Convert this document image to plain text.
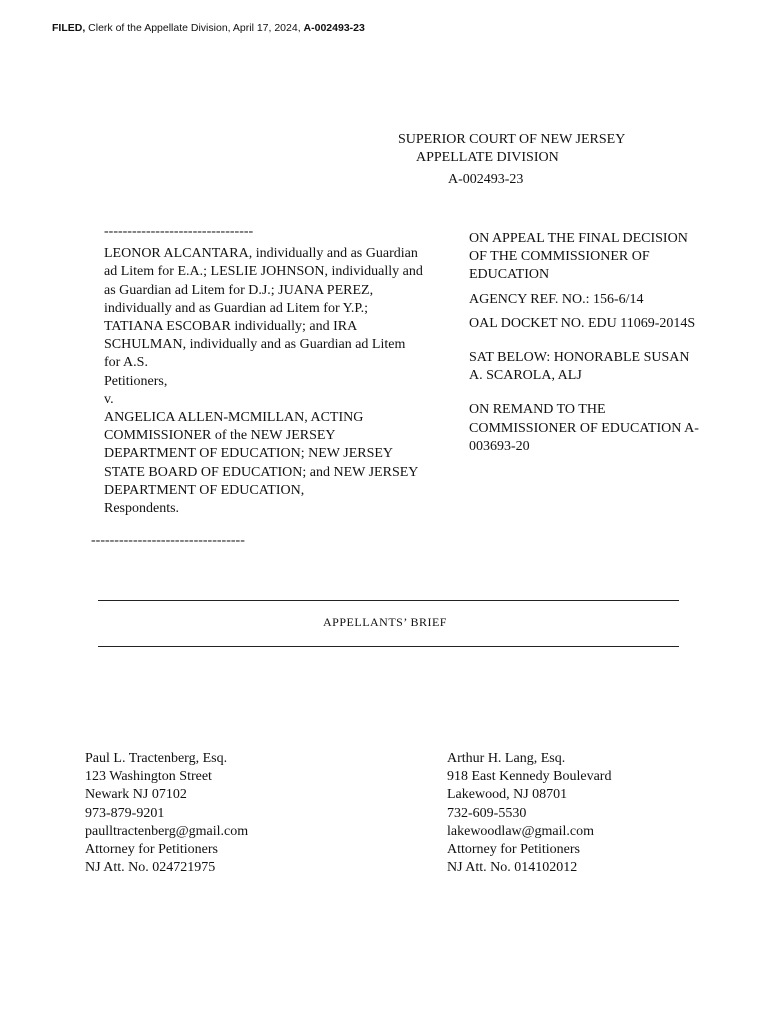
FILED, Clerk of the Appellate Division, April 17, 2024, A-002493-23
SUPERIOR COURT OF NEW JERSEY
APPELLATE DIVISION
A-002493-23
--------------------------------

LEONOR ALCANTARA, individually and as Guardian ad Litem for E.A.; LESLIE JOHNSON, individually and as Guardian ad Litem for D.J.; JUANA PEREZ, individually and as Guardian ad Litem for Y.P.; TATIANA ESCOBAR individually; and IRA SCHULMAN, individually and as Guardian ad Litem for A.S.

Petitioners,

v.

ANGELICA ALLEN-MCMILLAN, ACTING COMMISSIONER of the NEW JERSEY DEPARTMENT OF EDUCATION; NEW JERSEY STATE BOARD OF EDUCATION; and NEW JERSEY DEPARTMENT OF EDUCATION,

Respondents.

---------------------------------

ON APPEAL THE FINAL DECISION OF THE COMMISSIONER OF EDUCATION

AGENCY REF. NO.: 156-6/14

OAL DOCKET NO. EDU 11069-2014S

SAT BELOW: HONORABLE SUSAN A. SCAROLA, ALJ

ON REMAND TO THE COMMISSIONER OF EDUCATION A-003693-20

APPELLANTS’ BRIEF
Paul L. Tractenberg, Esq.
123 Washington Street
Newark NJ 07102
973-879-9201
paulltractenberg@gmail.com
Attorney for Petitioners
NJ Att. No. 024721975
Arthur H. Lang, Esq.
918 East Kennedy Boulevard
Lakewood, NJ 08701
732-609-5530
lakewoodlaw@gmail.com
Attorney for Petitioners
NJ Att. No. 014102012
